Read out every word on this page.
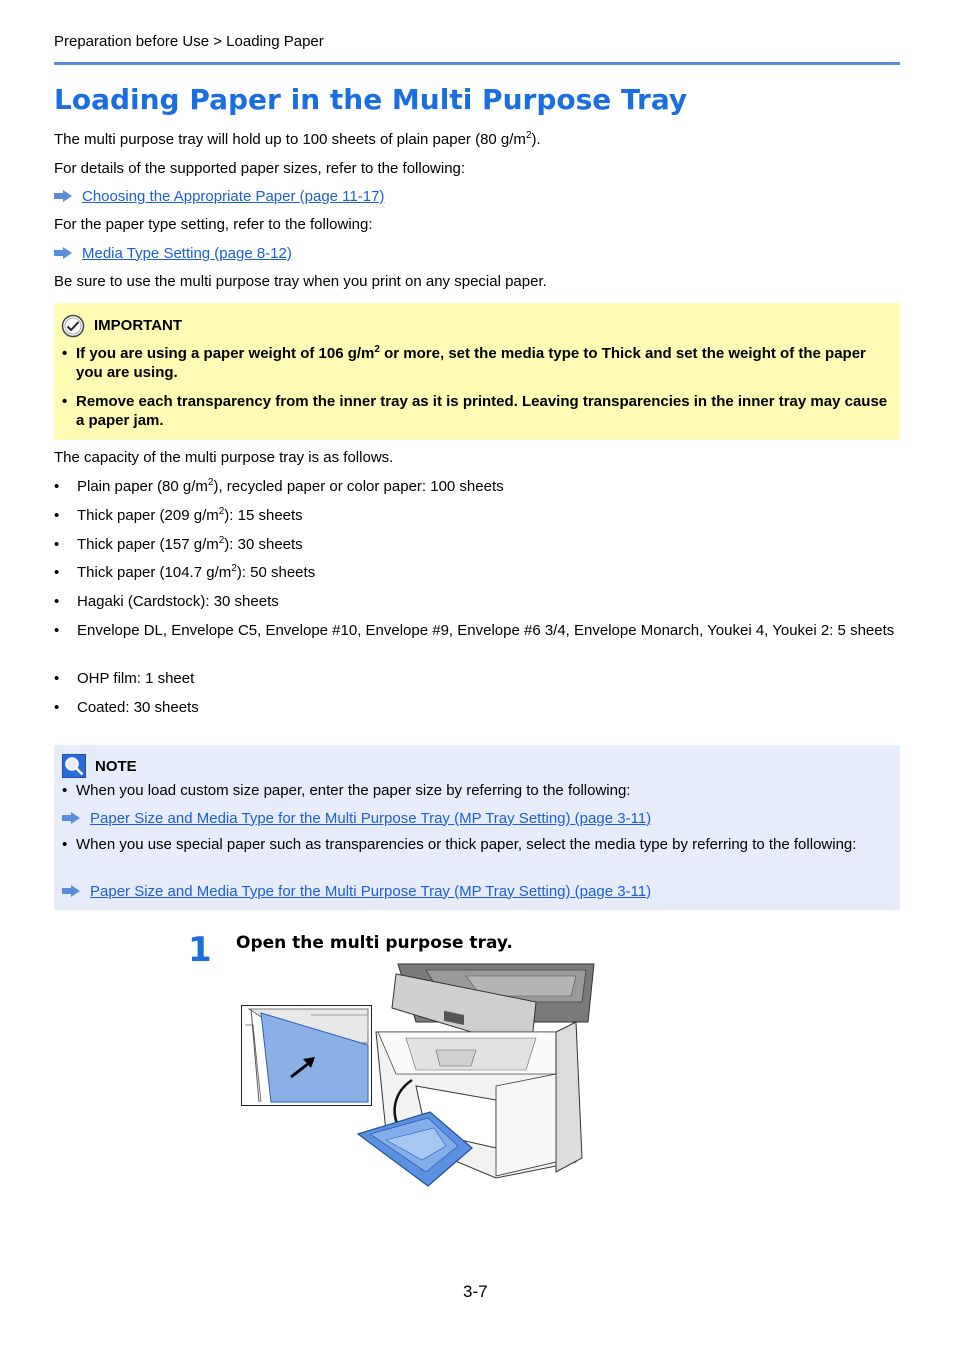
Preparation before Use > Loading Paper
Loading Paper in the Multi Purpose Tray
The multi purpose tray will hold up to 100 sheets of plain paper (80 $g/m^2$).
For details of the supported paper sizes, refer to the following:
Choosing the Appropriate Paper (page 11-17)
For the paper type setting, refer to the following:
Media Type Setting (page 8-12)
Be sure to use the multi purpose tray when you print on any special paper.
IMPORTANT
• If you are using a paper weight of 106 $g/m^2$ or more, set the media type to Thick and set the weight of the paper you are using.
• Remove each transparency from the inner tray as it is printed. Leaving transparencies in the inner tray may cause a paper jam.
The capacity of the multi purpose tray is as follows.
• Plain paper (80 $g/m^2$), recycled paper or color paper: 100 sheets
• Thick paper (209 $g/m^2$): 15 sheets
• Thick paper (157 $g/m^2$): 30 sheets
• Thick paper (104.7 $g/m^2$): 50 sheets
• Hagaki (Cardstock): 30 sheets
• Envelope DL, Envelope C5, Envelope #10, Envelope #9, Envelope #6 3/4, Envelope Monarch, Youkei 4, Youkei 2: 5 sheets
• OHP film: 1 sheet
• Coated: 30 sheets
NOTE
• When you load custom size paper, enter the paper size by referring to the following:
Paper Size and Media Type for the Multi Purpose Tray (MP Tray Setting) (page 3-11)
• When you use special paper such as transparencies or thick paper, select the media type by referring to the following:
Paper Size and Media Type for the Multi Purpose Tray (MP Tray Setting) (page 3-11)
1 Open the multi purpose tray.
3-7
